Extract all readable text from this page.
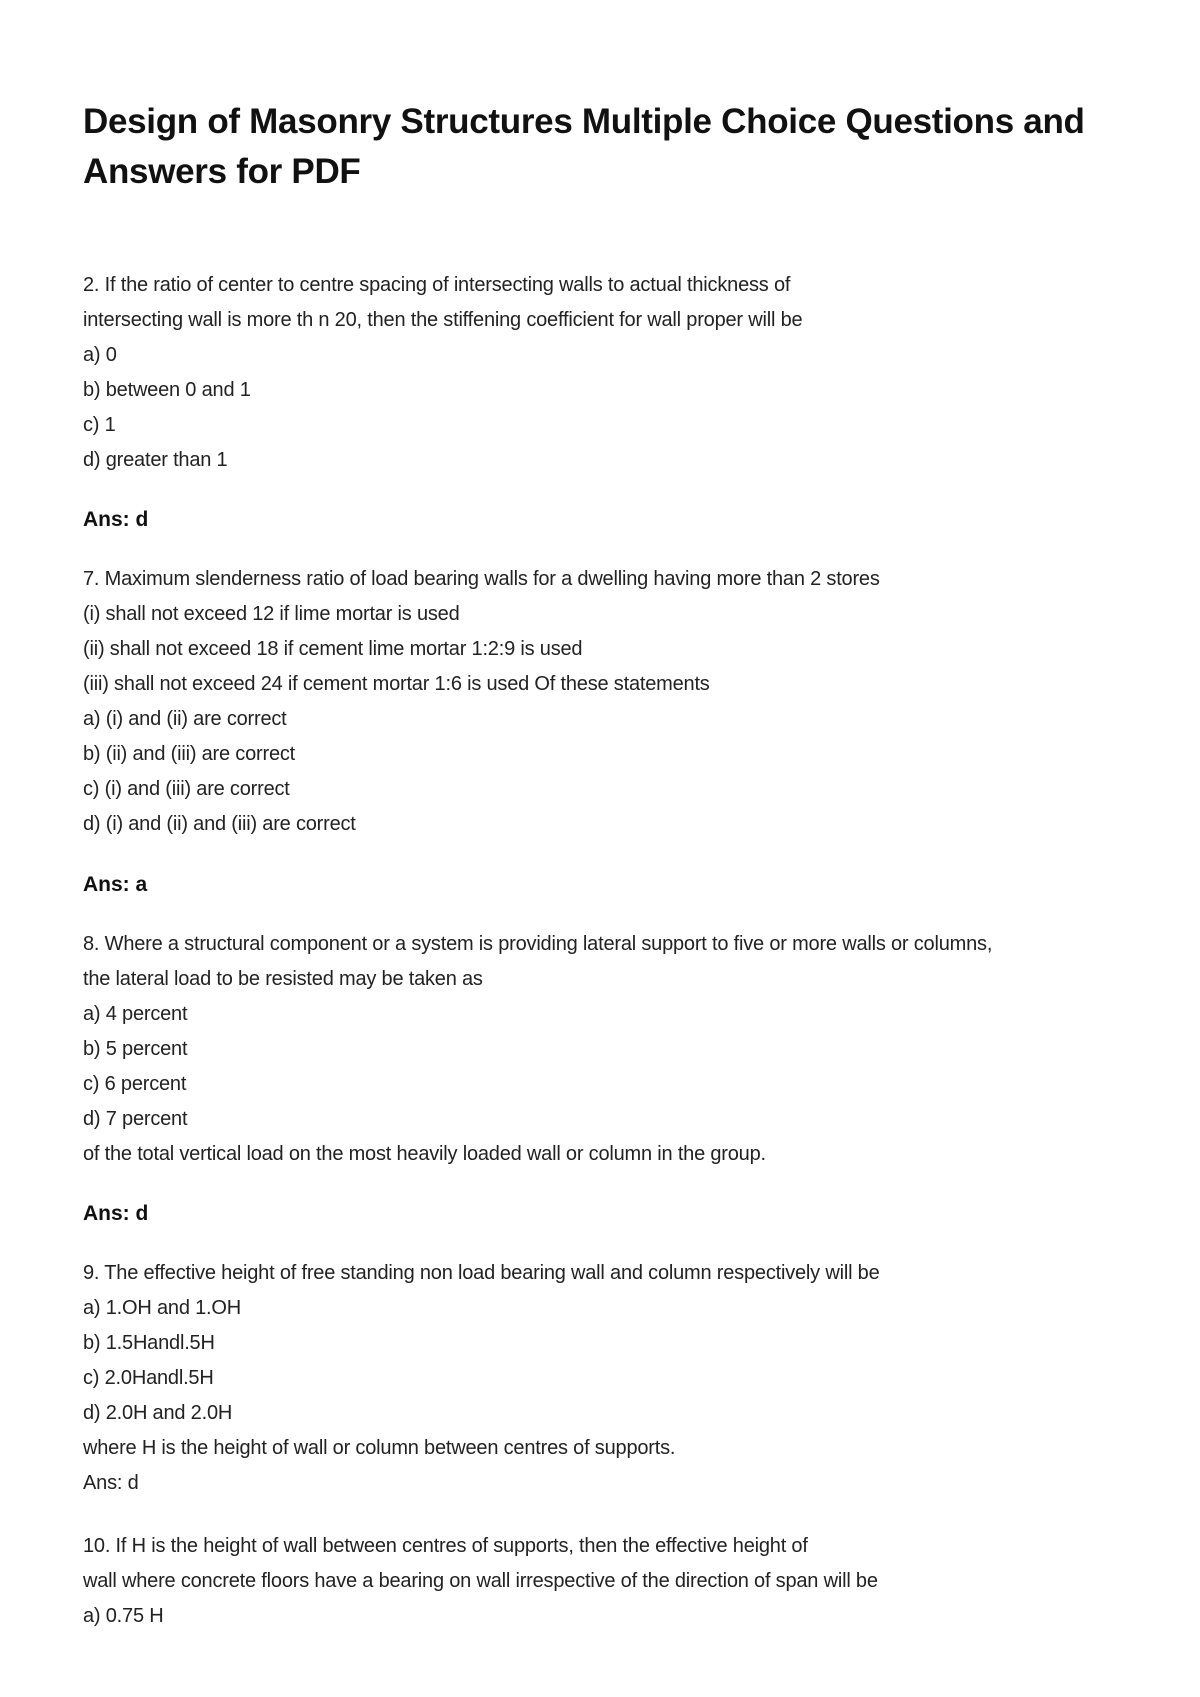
Design of Masonry Structures Multiple Choice Questions and Answers for PDF
2. If the ratio of center to centre spacing of intersecting walls to actual thickness of
intersecting wall is more th n 20, then the stiffening coefficient for wall proper will be
a) 0
b) between 0 and 1
c) 1
d) greater than 1
Ans: d
7. Maximum slenderness ratio of load bearing walls for a dwelling having more than 2 stores
(i) shall not exceed 12 if lime mortar is used
(ii) shall not exceed 18 if cement lime mortar 1:2:9 is used
(iii) shall not exceed 24 if cement mortar 1:6 is used Of these statements
a) (i) and (ii) are correct
b) (ii) and (iii) are correct
c) (i) and (iii) are correct
d) (i) and (ii) and (iii) are correct
Ans: a
8. Where a structural component or a system is providing lateral support to five or more walls or columns,
the lateral load to be resisted may be taken as
a) 4 percent
b) 5 percent
c) 6 percent
d) 7 percent
of the total vertical load on the most heavily loaded wall or column in the group.
Ans: d
9. The effective height of free standing non load bearing wall and column respectively will be
a) 1.OH and 1.OH
b) 1.5Handl.5H
c) 2.0Handl.5H
d) 2.0H and 2.0H
where H is the height of wall or column between centres of supports.
Ans: d
10. If H is the height of wall between centres of supports, then the effective height of
wall where concrete floors have a bearing on wall irrespective of the direction of span will be
a) 0.75 H
